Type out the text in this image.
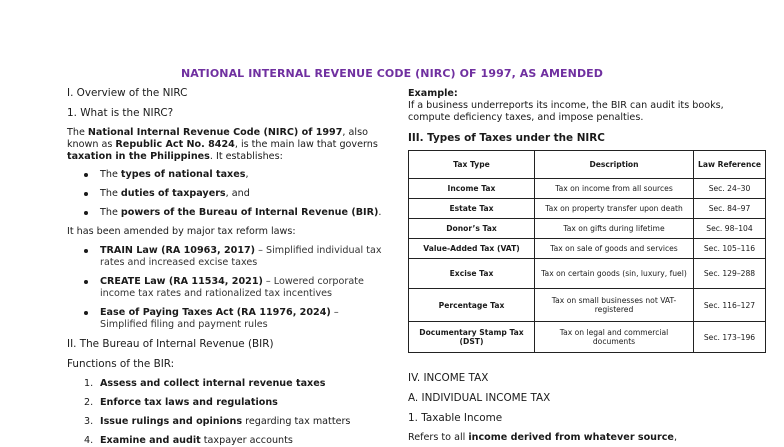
NATIONAL INTERNAL REVENUE CODE (NIRC) OF 1997, AS AMENDED

I. Overview of the NIRC

1. What is the NIRC?

The National Internal Revenue Code (NIRC) of 1997, also known as Republic Act No. 8424, is the main law that governs taxation in the Philippines. It establishes:

The types of national taxes,
The duties of taxpayers, and
The powers of the Bureau of Internal Revenue (BIR).

It has been amended by major tax reform laws:

TRAIN Law (RA 10963, 2017) – Simplified individual tax rates and increased excise taxes
CREATE Law (RA 11534, 2021) – Lowered corporate income tax rates and rationalized tax incentives
Ease of Paying Taxes Act (RA 11976, 2024) – Simplified filing and payment rules

II. The Bureau of Internal Revenue (BIR)

Functions of the BIR:

1. Assess and collect internal revenue taxes
2. Enforce tax laws and regulations
3. Issue rulings and opinions regarding tax matters
4. Examine and audit taxpayer accounts

Example:

If a business underreports its income, the BIR can audit its books, compute deficiency taxes, and impose penalties.

III. Types of Taxes under the NIRC

Tax Type	Description	Law Reference
Income Tax	Tax on income from all sources	Sec. 24–30
Estate Tax	Tax on property transfer upon death	Sec. 84–97
Donor’s Tax	Tax on gifts during lifetime	Sec. 98–104
Value-Added Tax (VAT)	Tax on sale of goods and services	Sec. 105–116
Excise Tax	Tax on certain goods (sin, luxury, fuel)	Sec. 129–288
Percentage Tax	Tax on small businesses not VAT-registered	Sec. 116–127
Documentary Stamp Tax (DST)	Tax on legal and commercial documents	Sec. 173–196

IV. INCOME TAX

A. INDIVIDUAL INCOME TAX

1. Taxable Income

Refers to all income derived from whatever source,
